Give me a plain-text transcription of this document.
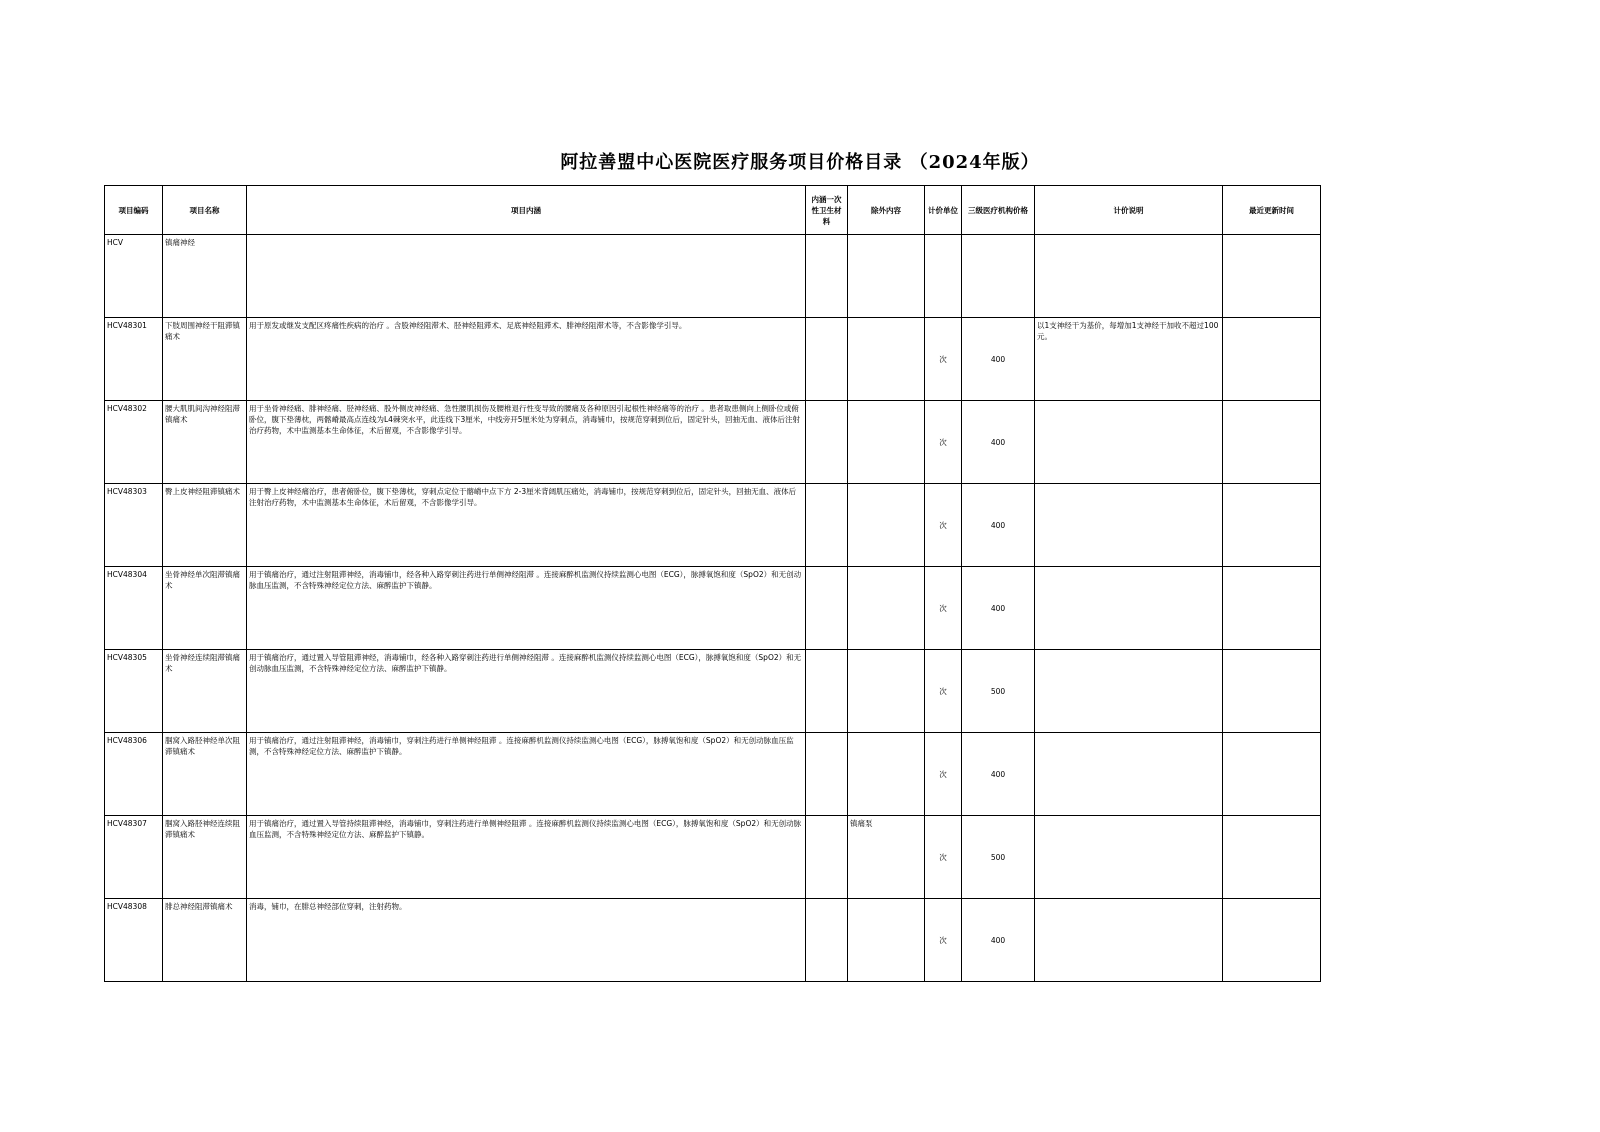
阿拉善盟中心医院医疗服务项目价格目录 （2024年版）
项目编码	项目名称	项目内涵	内涵一次性卫生材料	除外内容	计价单位	三级医疗机构价格	计价说明	最近更新时间
HCV	镇痛神经							
HCV48301	下肢周围神经干阻滞镇痛术	用于原发或继发支配区疼痛性疾病的治疗 。含股神经阻滞术、胫神经阻滞术、足底神经阻滞术、腓神经阻滞术等，不含影像学引导。			次	400	以1支神经干为基价，每增加1支神经干加收不超过100元。	
HCV48302	腰大肌肌间沟神经阻滞镇痛术	用于坐骨神经痛、腓神经痛、胫神经痛、股外侧皮神经痛、急性腰肌损伤及腰椎退行性变导致的腰痛及各种原因引起根性神经痛等的治疗 。患者取患侧向上侧卧位或俯卧位，腹下垫薄枕，两髂嵴最高点连线为L4棘突水平，此连线下3厘米，中线旁开5厘米处为穿刺点，消毒铺巾，按规范穿刺到位后，固定针头，回抽无血、液体后注射治疗药物，术中监测基本生命体征，术后留观，不含影像学引导。			次	400		
HCV48303	臀上皮神经阻滞镇痛术	用于臀上皮神经痛治疗，患者俯卧位，腹下垫薄枕，穿刺点定位于髂嵴中点下方 2-3厘米背阔肌压痛处，消毒铺巾，按规范穿刺到位后，固定针头，回抽无血、液体后注射治疗药物，术中监测基本生命体征，术后留观，不含影像学引导。			次	400		
HCV48304	坐骨神经单次阻滞镇痛术	用于镇痛治疗，通过注射阻滞神经，消毒铺巾，经各种入路穿刺注药进行单侧神经阻滞 。连接麻醉机监测仪持续监测心电图（ECG），脉搏氧饱和度（SpO2）和无创动脉血压监测，不含特殊神经定位方法、麻醉监护下镇静。			次	400		
HCV48305	坐骨神经连续阻滞镇痛术	用于镇痛治疗，通过置入导管阻滞神经，消毒铺巾，经各种入路穿刺注药进行单侧神经阻滞 。连接麻醉机监测仪持续监测心电图（ECG），脉搏氧饱和度（SpO2）和无创动脉血压监测，不含特殊神经定位方法、麻醉监护下镇静。			次	500		
HCV48306	腘窝入路胫神经单次阻滞镇痛术	用于镇痛治疗，通过注射阻滞神经，消毒铺巾，穿刺注药进行单侧神经阻滞 。连接麻醉机监测仪持续监测心电图（ECG），脉搏氧饱和度（SpO2）和无创动脉血压监测，不含特殊神经定位方法、麻醉监护下镇静。			次	400		
HCV48307	腘窝入路胫神经连续阻滞镇痛术	用于镇痛治疗，通过置入导管持续阻滞神经，消毒铺巾，穿刺注药进行单侧神经阻滞 。连接麻醉机监测仪持续监测心电图（ECG），脉搏氧饱和度（SpO2）和无创动脉血压监测，不含特殊神经定位方法、麻醉监护下镇静。		镇痛泵	次	500		
HCV48308	腓总神经阻滞镇痛术	消毒，铺巾，在腓总神经部位穿刺，注射药物。			次	400		
